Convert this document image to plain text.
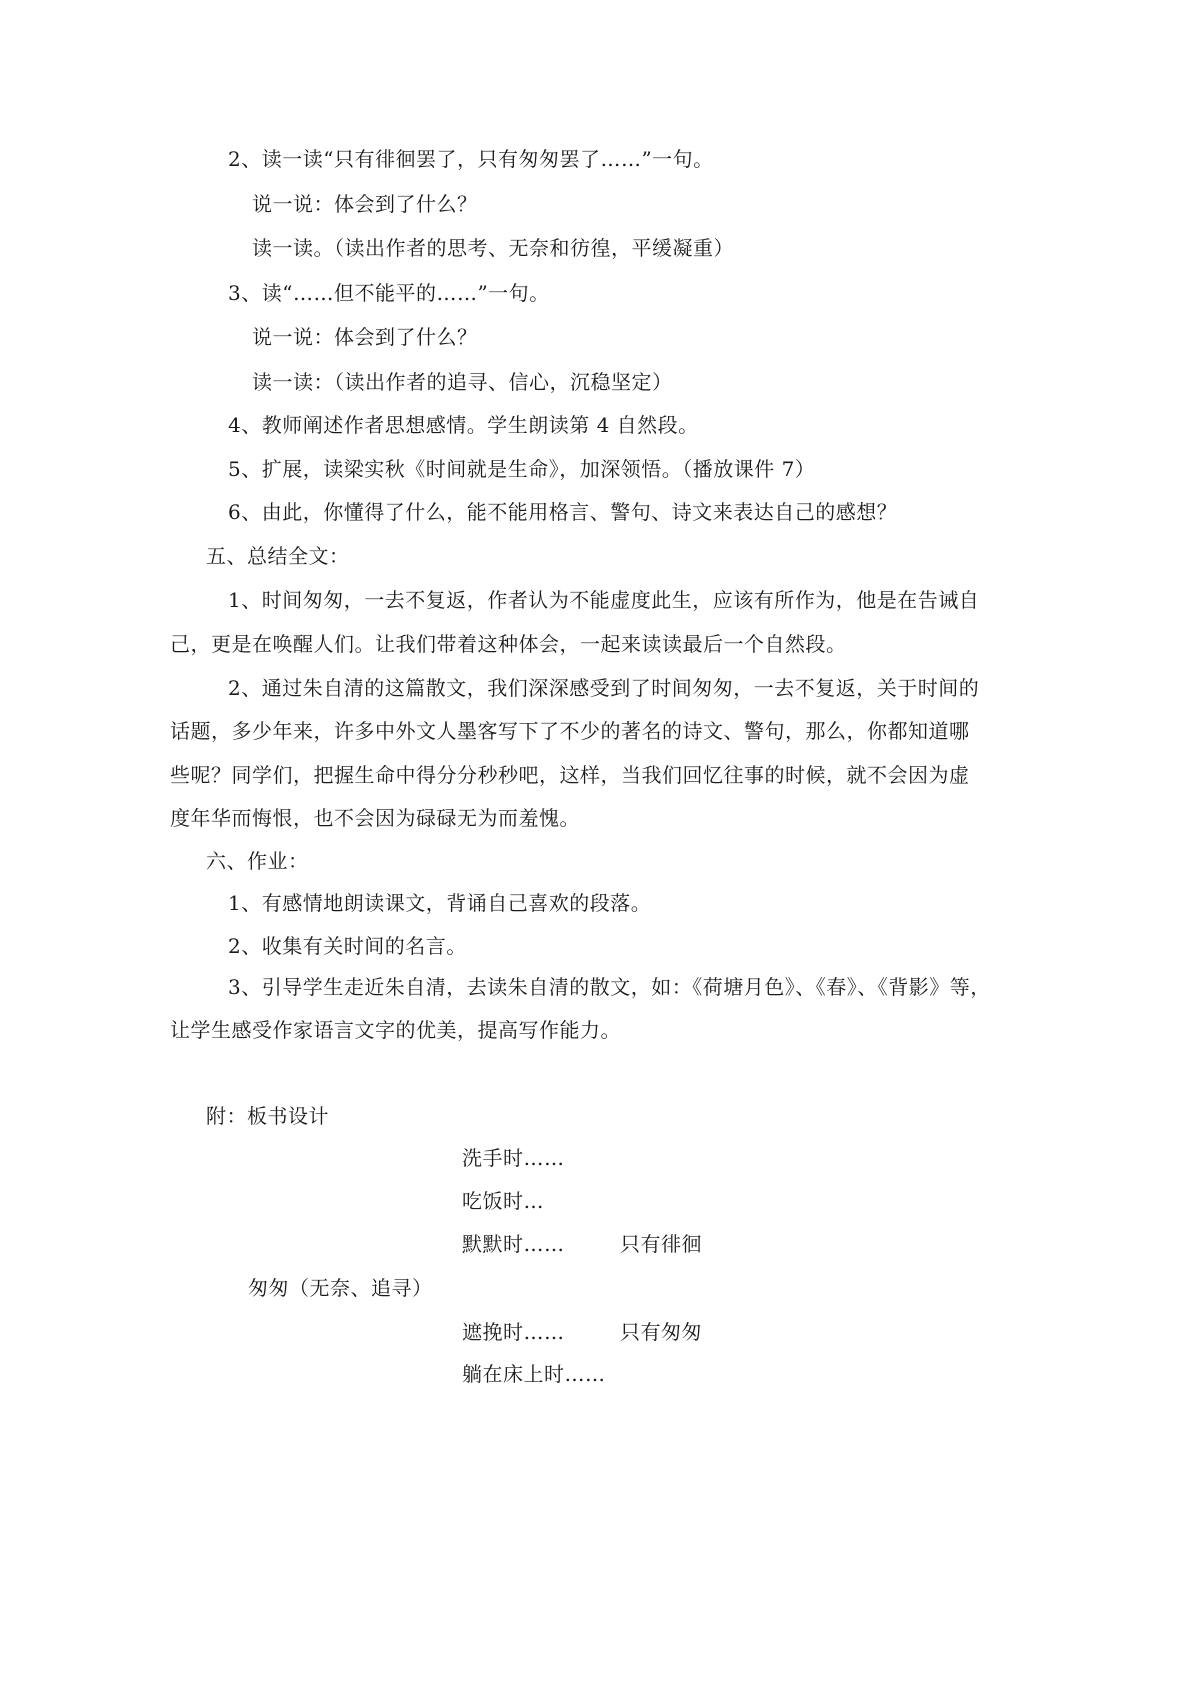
2、读一读“只有徘徊罢了，只有匆匆罢了……”一句。
说一说：体会到了什么？
读一读。（读出作者的思考、无奈和彷徨，平缓凝重）
3、读“……但不能平的……”一句。
说一说：体会到了什么？
读一读：（读出作者的追寻、信心，沉稳坚定）
4、教师阐述作者思想感情。学生朗读第 4 自然段。
5、扩展，读梁实秋《时间就是生命》，加深领悟。（播放课件 7）
6、由此，你懂得了什么，能不能用格言、警句、诗文来表达自己的感想？
五、总结全文：
1、时间匆匆，一去不复返，作者认为不能虚度此生，应该有所作为，他是在告诫自
己，更是在唤醒人们。让我们带着这种体会，一起来读读最后一个自然段。
2、通过朱自清的这篇散文，我们深深感受到了时间匆匆，一去不复返，关于时间的
话题，多少年来，许多中外文人墨客写下了不少的著名的诗文、警句，那么，你都知道哪
些呢？同学们，把握生命中得分分秒秒吧，这样，当我们回忆往事的时候，就不会因为虚
度年华而悔恨，也不会因为碌碌无为而羞愧。
六、作业：
1、有感情地朗读课文，背诵自己喜欢的段落。
2、收集有关时间的名言。
3、引导学生走近朱自清，去读朱自清的散文，如：《荷塘月色》、《春》、《背影》等，
让学生感受作家语言文字的优美，提高写作能力。
附：板书设计
洗手时……
吃饭时…
默默时……	只有徘徊
匆匆（无奈、追寻）
遮挽时……	只有匆匆
躺在床上时……
